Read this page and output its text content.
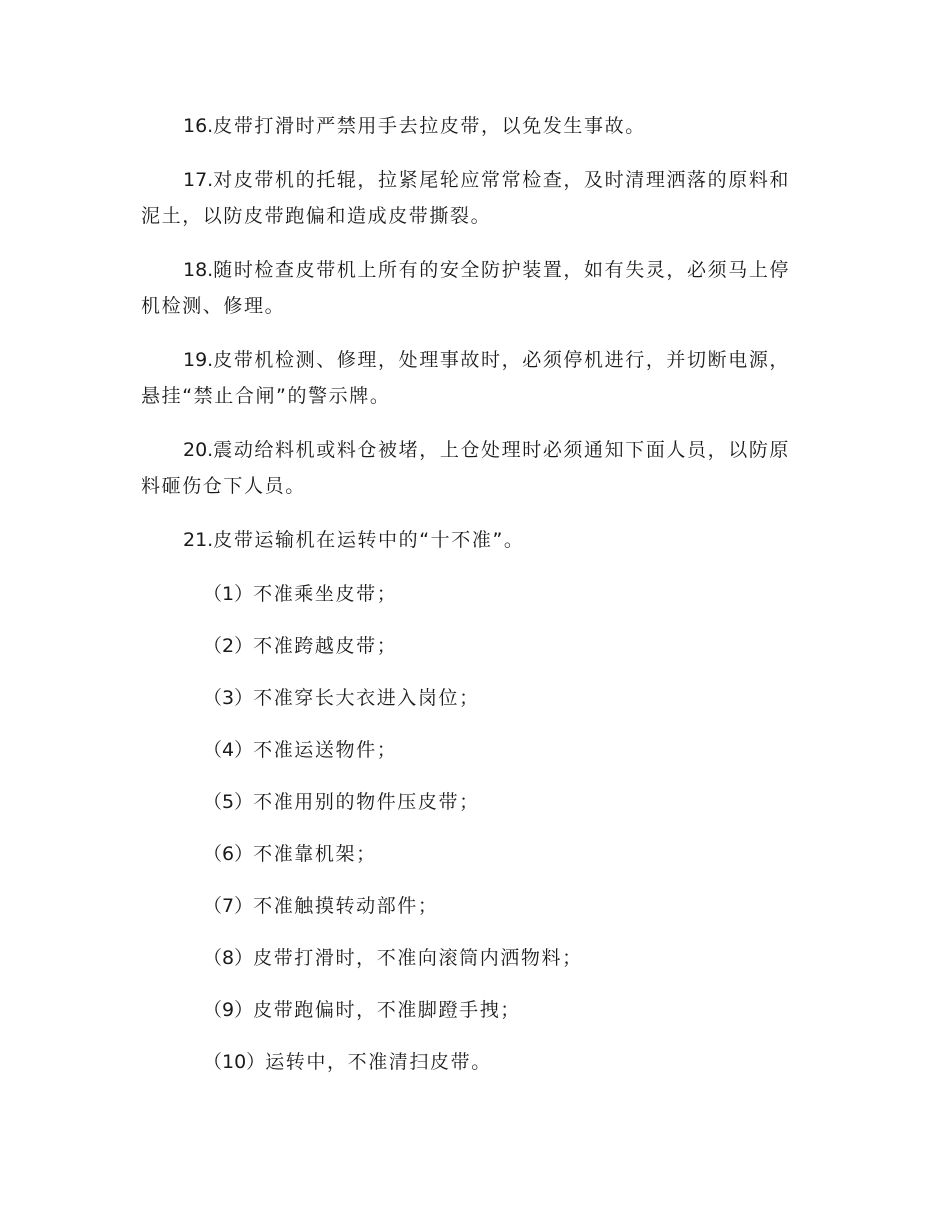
16.皮带打滑时严禁用手去拉皮带，以免发生事故。

17.对皮带机的托辊，拉紧尾轮应常常检查，及时清理洒落的原料和泥土，以防皮带跑偏和造成皮带撕裂。

18.随时检查皮带机上所有的安全防护装置，如有失灵，必须马上停机检测、修理。

19.皮带机检测、修理，处理事故时，必须停机进行，并切断电源，悬挂“禁止合闸”的警示牌。

20.震动给料机或料仓被堵，上仓处理时必须通知下面人员，以防原料砸伤仓下人员。

21.皮带运输机在运转中的“十不准”。

（1）不准乘坐皮带；
（2）不准跨越皮带；
（3）不准穿长大衣进入岗位；
（4）不准运送物件；
（5）不准用别的物件压皮带；
（6）不准靠机架；
（7）不准触摸转动部件；
（8）皮带打滑时，不准向滚筒内洒物料；
（9）皮带跑偏时，不准脚蹬手拽；
（10）运转中，不准清扫皮带。
